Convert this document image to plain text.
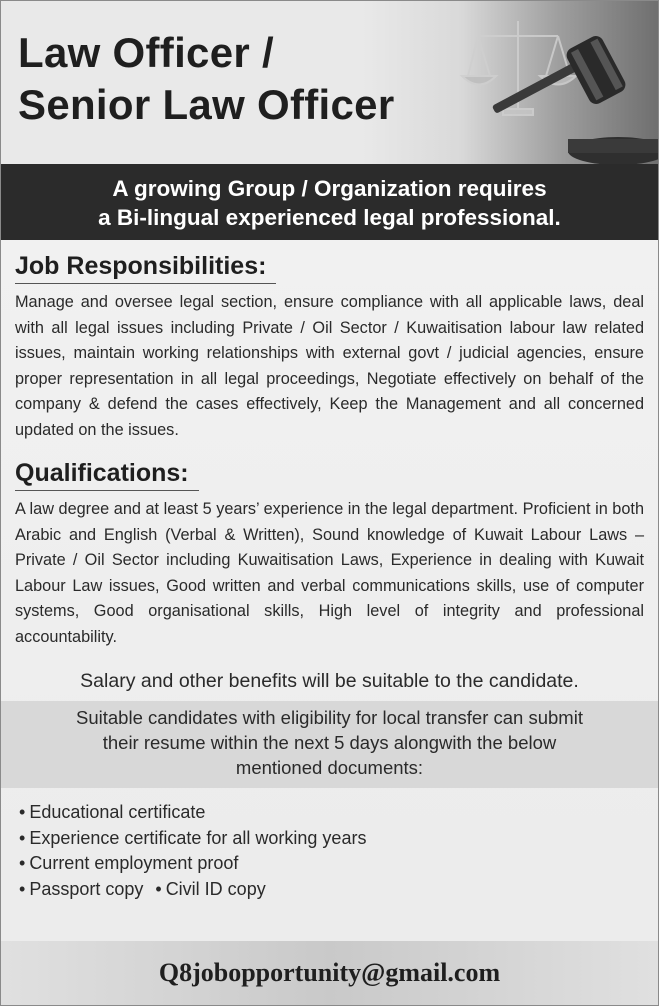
Law Officer /
Senior Law Officer
A growing Group / Organization requires
a Bi-lingual experienced legal professional.
Job Responsibilities:

Manage and oversee legal section, ensure compliance with all applicable laws, deal with all legal issues including Private / Oil Sector / Kuwaitisation labour law related issues, maintain working relationships with external govt / judicial agencies, ensure proper representation in all legal proceedings, Negotiate effectively on behalf of the company & defend the cases effectively, Keep the Management and all concerned updated on the issues.

Qualifications:

A law degree and at least 5 years’ experience in the legal department. Proficient in both Arabic and English (Verbal & Written), Sound knowledge of Kuwait Labour Laws – Private / Oil Sector including Kuwaitisation Laws, Experience in dealing with Kuwait Labour Law issues, Good written and verbal communications skills, use of computer systems, Good organisational skills, High level of integrity and professional accountability.

Salary and other benefits will be suitable to the candidate.
Suitable candidates with eligibility for local transfer can submit
their resume within the next 5 days alongwith the below
mentioned documents:
• Educational certificate
• Experience certificate for all working years
• Current employment proof
• Passport copy • Civil ID copy
Q8jobopportunity@gmail.com
